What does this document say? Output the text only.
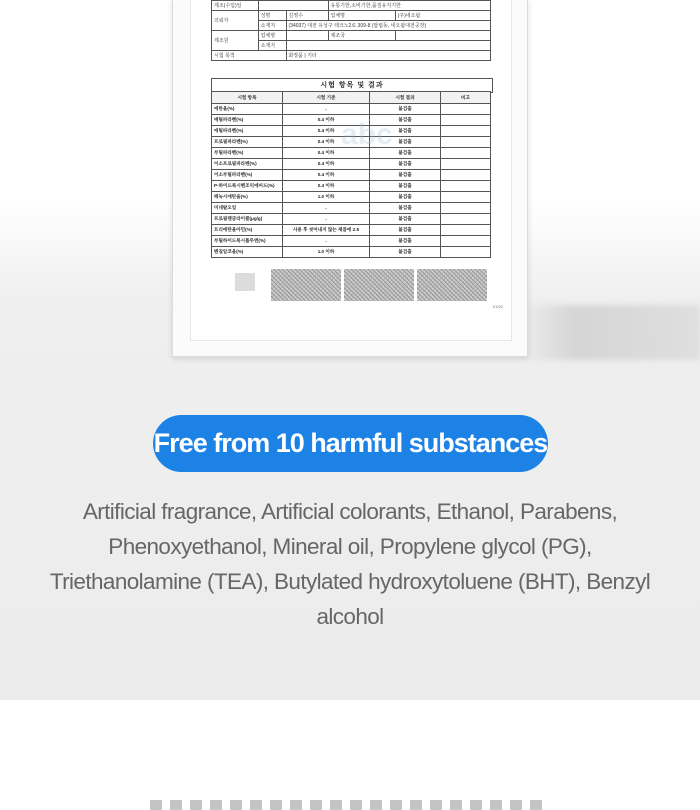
제조(수입)일			유통기한,소비기한,품질유지기한	
의뢰자	성명	김영수	업체명	(주)네오팜
	소재지	(34037) 대전 유성구 테크노2로 309-8 (탑립동, 네오팜대전공장)		
제조원	업체명		제조국	
	소재지			
시험 목적		화장품 | 기타		
시험 항목 및 결과
시험 항목	시험 기준	시험 결과	비고
에탄올(%)	-	불검출	
메틸파라벤(%)	0.4 이하	불검출	
에틸파라벤(%)	0.4 이하	불검출	
프로필파라벤(%)	0.4 이하	불검출	
부틸파라벤(%)	0.4 이하	불검출	
이소프로필파라벤(%)	0.4 이하	불검출	
이소부틸파라벤(%)	0.4 이하	불검출	
P-하이드록시벤조익에씨드(%)	0.4 이하	불검출	
페녹시에탄올(%)	1.0 이하	불검출	
미네랄오일	-	불검출	
프로필렌글라이콜(μg/g)	-	불검출	
트리에탄올아민(%)	사용 후 씻어내지 않는 제품에 2.5	불검출	
부틸하이드록시톨루엔(%)	-	불검출	
벤질알코올(%)	1.0 이하	불검출	
abc
01/02
Free from 10 harmful substances
Artificial fragrance, Artificial colorants, Ethanol, Parabens, Phenoxyethanol, Mineral oil, Propylene glycol (PG), Triethanolamine (TEA), Butylated hydroxytoluene (BHT), Benzyl alcohol
